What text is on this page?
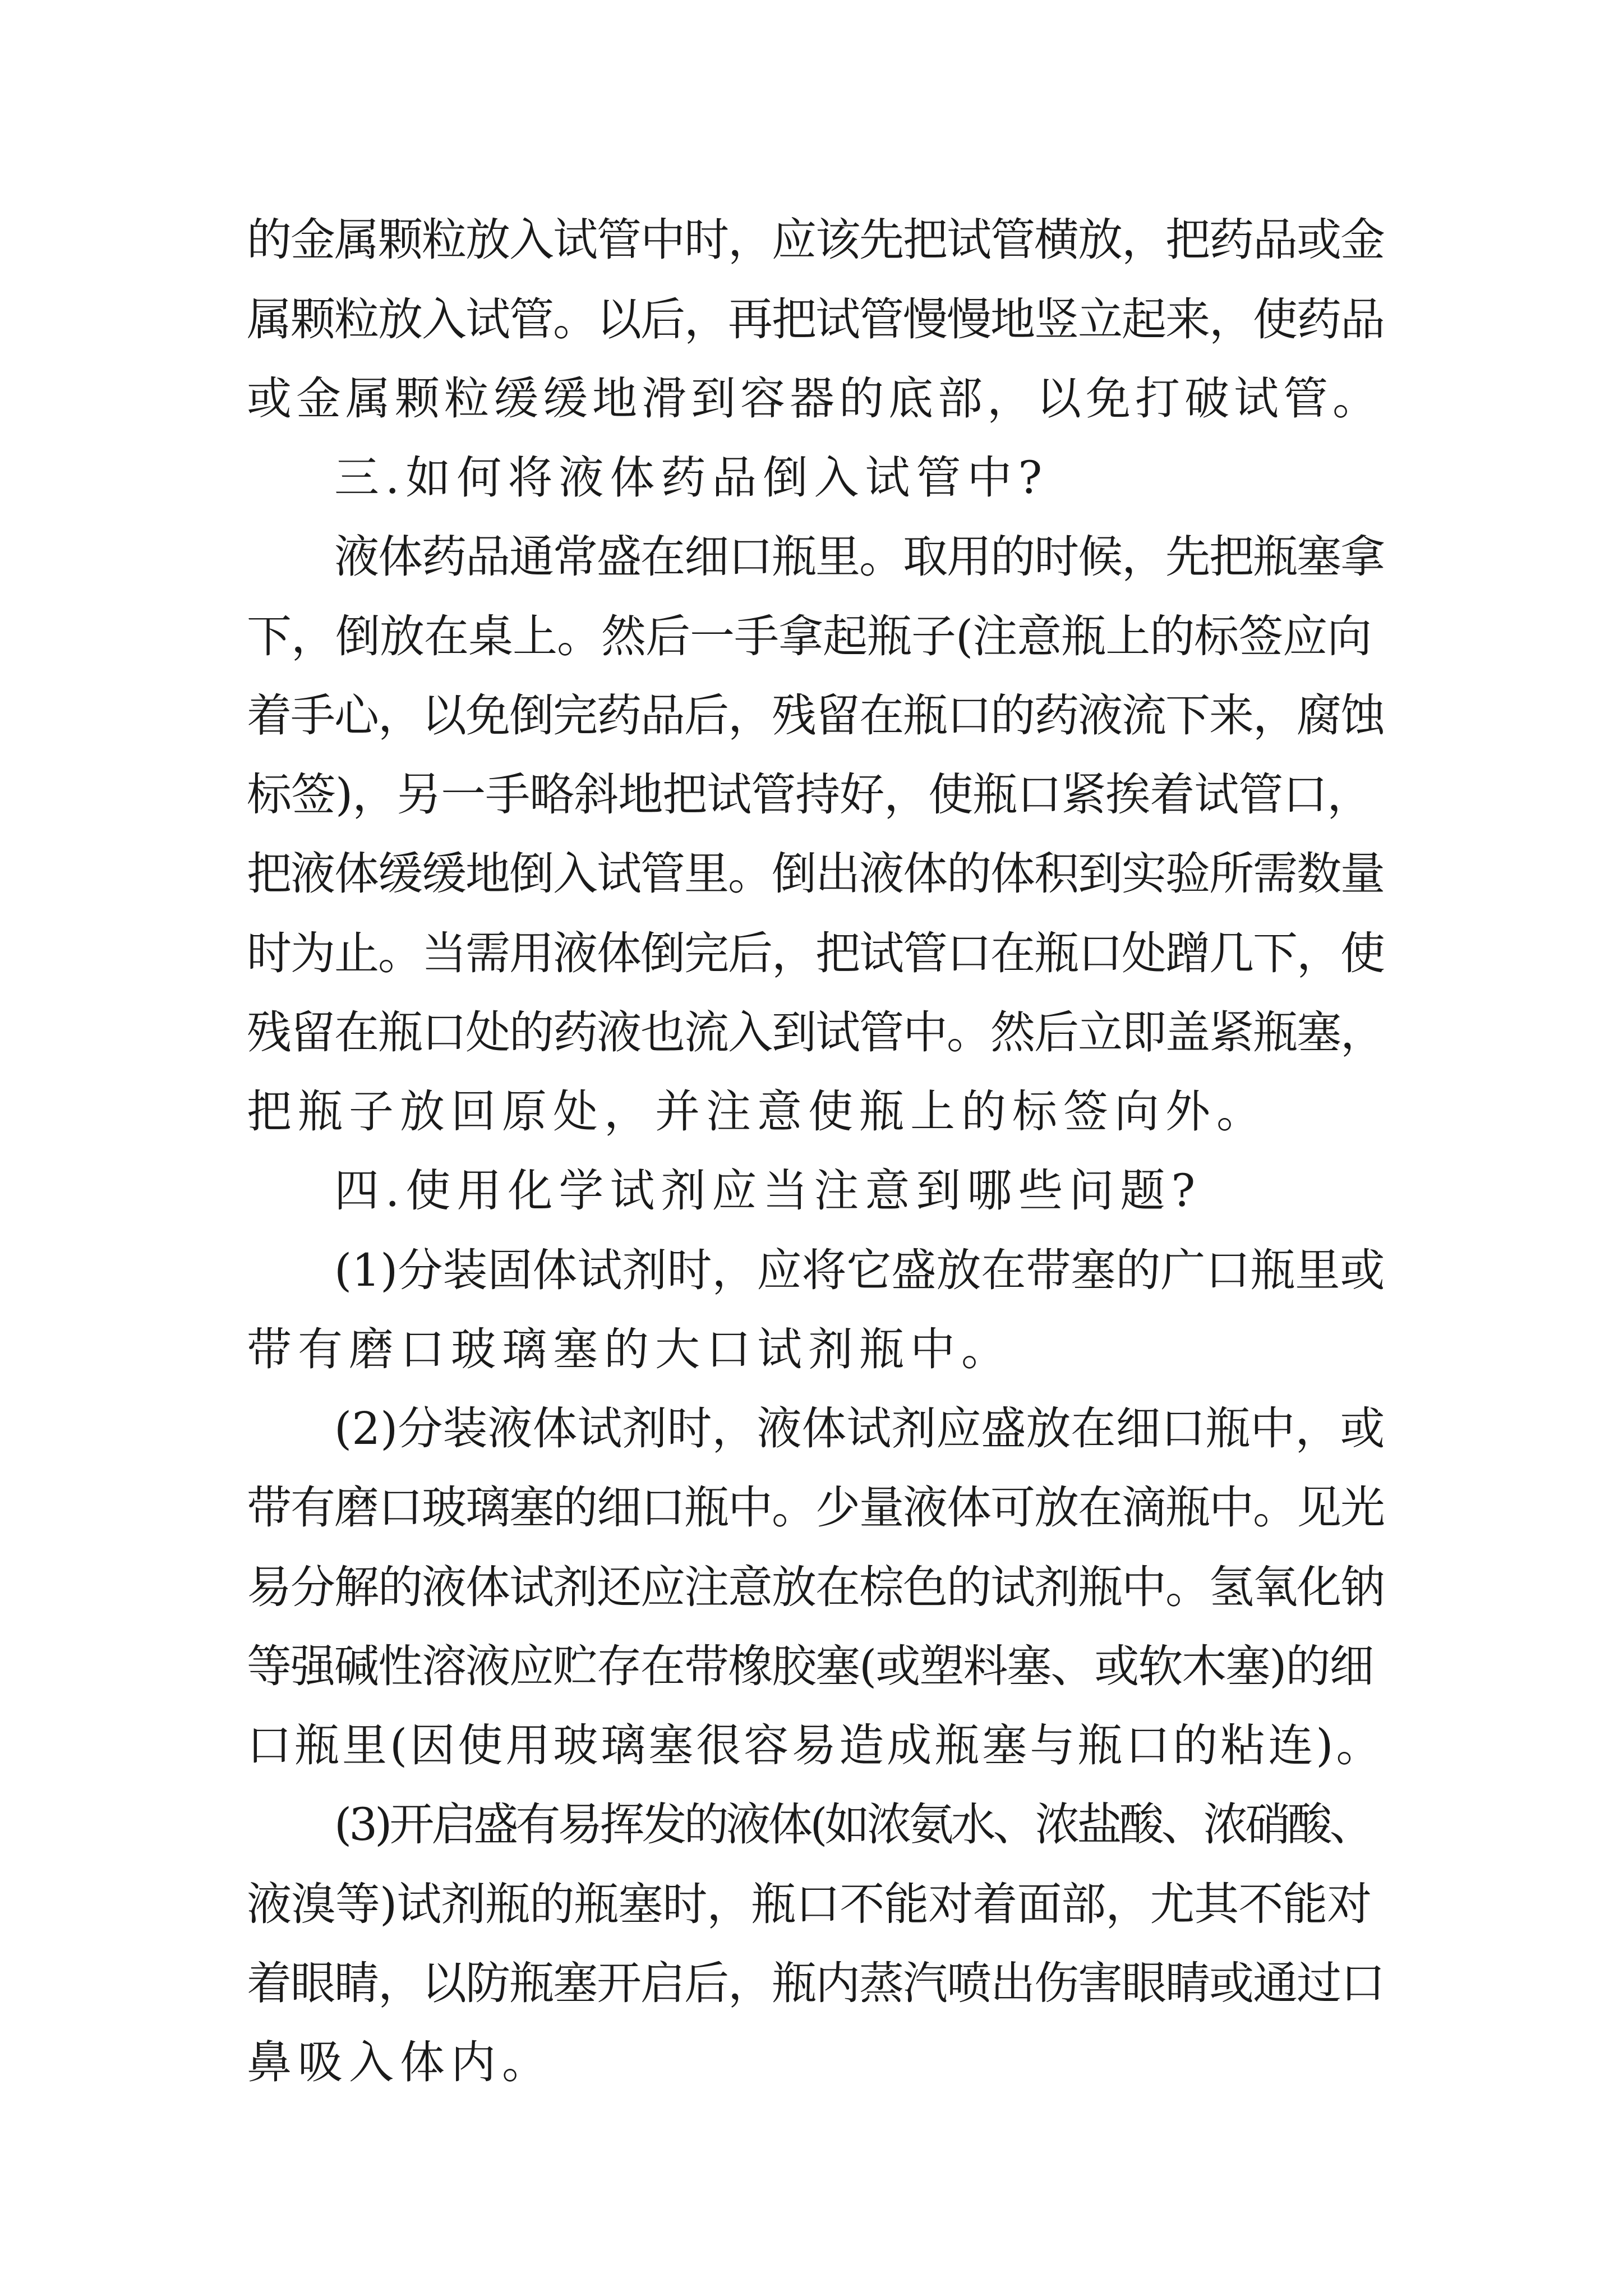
的金属颗粒放入试管中时，应该先把试管横放，把药品或金
属颗粒放入试管。以后，再把试管慢慢地竖立起来，使药品
或金属颗粒缓缓地滑到容器的底部，以免打破试管。
三.如何将液体药品倒入试管中?
液体药品通常盛在细口瓶里。取用的时候，先把瓶塞拿
下，倒放在桌上。然后一手拿起瓶子(注意瓶上的标签应向
着手心，以免倒完药品后，残留在瓶口的药液流下来，腐蚀
标签)，另一手略斜地把试管持好，使瓶口紧挨着试管口，
把液体缓缓地倒入试管里。倒出液体的体积到实验所需数量
时为止。当需用液体倒完后，把试管口在瓶口处蹭几下，使
残留在瓶口处的药液也流入到试管中。然后立即盖紧瓶塞，
把瓶子放回原处，并注意使瓶上的标签向外。
四.使用化学试剂应当注意到哪些问题?
(1)分装固体试剂时，应将它盛放在带塞的广口瓶里或
带有磨口玻璃塞的大口试剂瓶中。
(2)分装液体试剂时，液体试剂应盛放在细口瓶中，或
带有磨口玻璃塞的细口瓶中。少量液体可放在滴瓶中。见光
易分解的液体试剂还应注意放在棕色的试剂瓶中。氢氧化钠
等强碱性溶液应贮存在带橡胶塞(或塑料塞、或软木塞)的细
口瓶里(因使用玻璃塞很容易造成瓶塞与瓶口的粘连)。
(3)开启盛有易挥发的液体(如浓氨水、浓盐酸、浓硝酸、
液溴等)试剂瓶的瓶塞时，瓶口不能对着面部，尤其不能对
着眼睛，以防瓶塞开启后，瓶内蒸汽喷出伤害眼睛或通过口
鼻吸入体内。
